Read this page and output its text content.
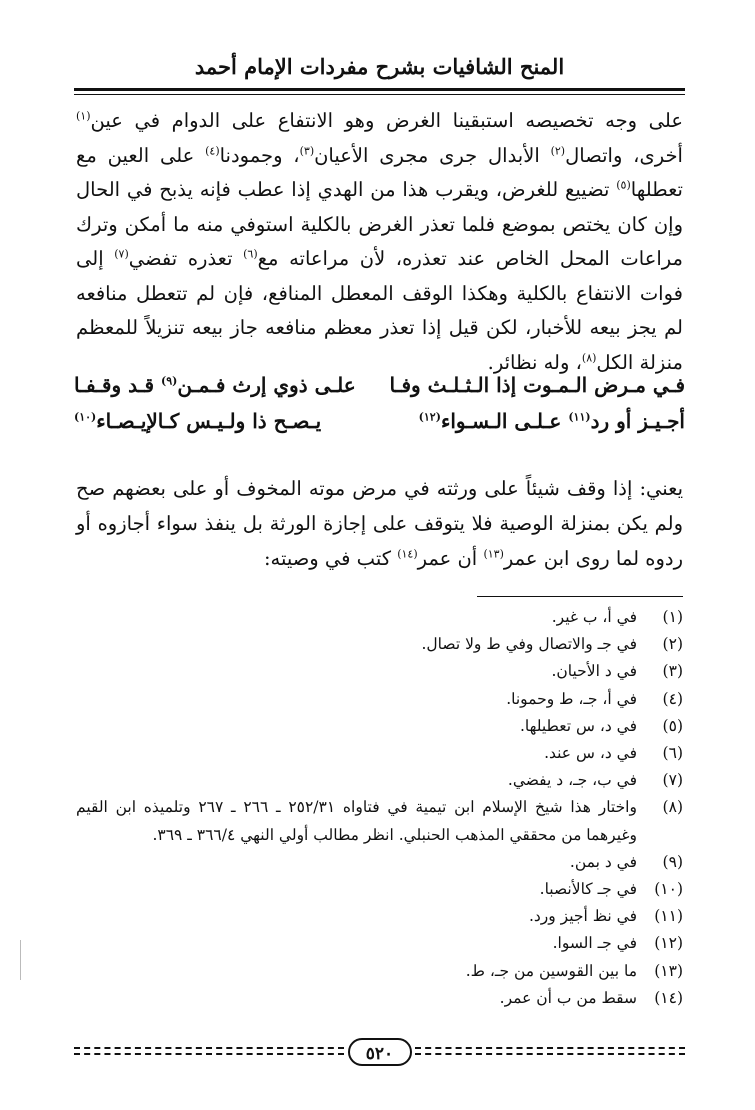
المنح الشافيات بشرح مفردات الإمام أحمد
على وجه تخصيصه استبقينا الغرض وهو الانتفاع على الدوام في عين$^{(١)}$ أخرى، واتصال$^{(٢)}$ الأبدال جرى مجرى الأعيان$^{(٣)}$، وجمودنا$^{(٤)}$ على العين مع تعطلها$^{(٥)}$ تضييع للغرض، ويقرب هذا من الهدي إذا عطب فإنه يذبح في الحال وإن كان يختص بموضع فلما تعذر الغرض بالكلية استوفي منه ما أمكن وترك مراعات المحل الخاص عند تعذره، لأن مراعاته مع$^{(٦)}$ تعذره تفضي$^{(٧)}$ إلى فوات الانتفاع بالكلية وهكذا الوقف المعطل المنافع، فإن لم تتعطل منافعه لم يجز بيعه للأخبار، لكن قيل إذا تعذر معظم منافعه جاز بيعه تنزيلاً للمعظم منزلة الكل$^{(٨)}$، وله نظائر.
فـي مـرض الـمـوت إذا الـثـلـث وفـا
علـى ذوي إرث فـمـن$^{(٩)}$ قـد وقـفـا
أجـيـز أو رد$^{(١١)}$ عـلـى الـسـواء$^{(١٢)}$
يـصـح ذا ولـيـس كـالإيـصـاء$^{(١٠)}$
يعني: إذا وقف شيئاً على ورثته في مرض موته المخوف أو على بعضهم صح ولم يكن بمنزلة الوصية فلا يتوقف على إجازة الورثة بل ينفذ سواء أجازوه أو ردوه لما روى ابن عمر$^{(١٣)}$ أن عمر$^{(١٤)}$ كتب في وصيته:
(١)
في أ، ب غير.
(٢)
في جـ والاتصال وفي ط ولا تصال.
(٣)
في د الأحيان.
(٤)
في أ، جـ، ط وحمونا.
(٥)
في د، س تعطيلها.
(٦)
في د، س عند.
(٧)
في ب، جـ، د يفضي.
(٨)
واختار هذا شيخ الإسلام ابن تيمية في فتاواه ٢٥٢/٣١ ـ ٢٦٦ ـ ٢٦٧ وتلميذه ابن القيم وغيرهما من محققي المذهب الحنبلي. انظر مطالب أولي النهي ٣٦٦/٤ ـ ٣٦٩.
(٩)
في د بمن.
(١٠)
في جـ كالأنصبا.
(١١)
في نظ أجيز ورد.
(١٢)
في جـ السوا.
(١٣)
ما بين القوسين من جـ، ط.
(١٤)
سقط من ب أن عمر.
٥٢٠
